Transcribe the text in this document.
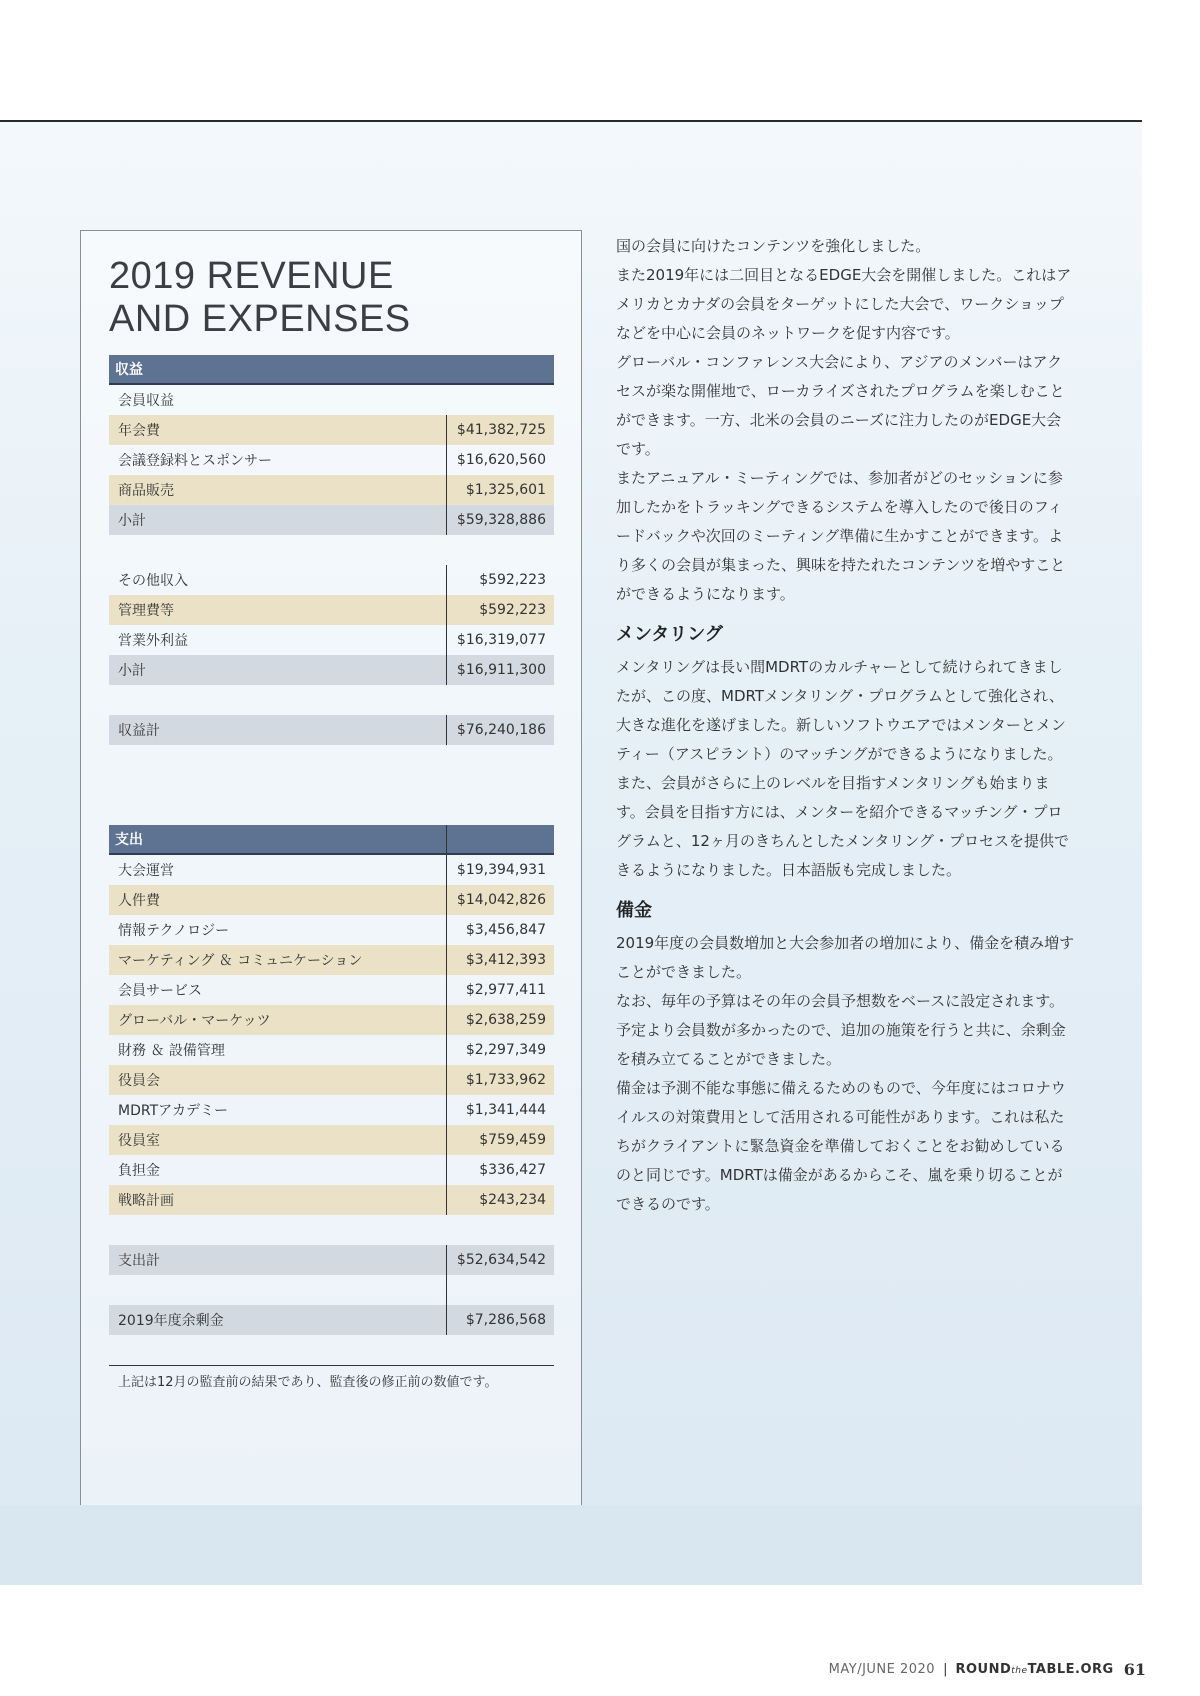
2019 REVENUE
AND EXPENSES
収益
会員収益
年会費	$41,382,725
会議登録料とスポンサー	$16,620,560
商品販売	$1,325,601
小計	$59,328,886
その他収入	$592,223
管理費等	$592,223
営業外利益	$16,319,077
小計	$16,911,300
収益計	$76,240,186
支出
大会運営	$19,394,931
人件費	$14,042,826
情報テクノロジー	$3,456,847
マーケティング ＆ コミュニケーション	$3,412,393
会員サービス	$2,977,411
グローバル・マーケッツ	$2,638,259
財務 ＆ 設備管理	$2,297,349
役員会	$1,733,962
MDRTアカデミー	$1,341,444
役員室	$759,459
負担金	$336,427
戦略計画	$243,234
支出計	$52,634,542
2019年度余剰金	$7,286,568
上記は12月の監査前の結果であり、監査後の修正前の数値です。

国の会員に向けたコンテンツを強化しました。

また2019年には二回目となるEDGE大会を開催しました。これはアメリカとカナダの会員をターゲットにした大会で、ワークショップなどを中心に会員のネットワークを促す内容です。

グローバル・コンファレンス大会により、アジアのメンバーはアクセスが楽な開催地で、ローカライズされたプログラムを楽しむことができます。一方、北米の会員のニーズに注力したのがEDGE大会です。

またアニュアル・ミーティングでは、参加者がどのセッションに参加したかをトラッキングできるシステムを導入したので後日のフィードバックや次回のミーティング準備に生かすことができます。より多くの会員が集まった、興味を持たれたコンテンツを増やすことができるようになります。

メンタリング

メンタリングは長い間MDRTのカルチャーとして続けられてきましたが、この度、MDRTメンタリング・プログラムとして強化され、大きな進化を遂げました。新しいソフトウエアではメンターとメンティー（アスピラント）のマッチングができるようになりました。また、会員がさらに上のレベルを目指すメンタリングも始まります。会員を目指す方には、メンターを紹介できるマッチング・プログラムと、12ヶ月のきちんとしたメンタリング・プロセスを提供できるようになりました。日本語版も完成しました。

備金

2019年度の会員数増加と大会参加者の増加により、備金を積み増すことができました。

なお、毎年の予算はその年の会員予想数をベースに設定されます。予定より会員数が多かったので、追加の施策を行うと共に、余剰金を積み立てることができました。

備金は予測不能な事態に備えるためのもので、今年度にはコロナウイルスの対策費用として活用される可能性があります。これは私たちがクライアントに緊急資金を準備しておくことをお勧めしているのと同じです。MDRTは備金があるからこそ、嵐を乗り切ることができるのです。

MAY/JUNE 2020 | ROUNDtheTABLE.ORG 61
